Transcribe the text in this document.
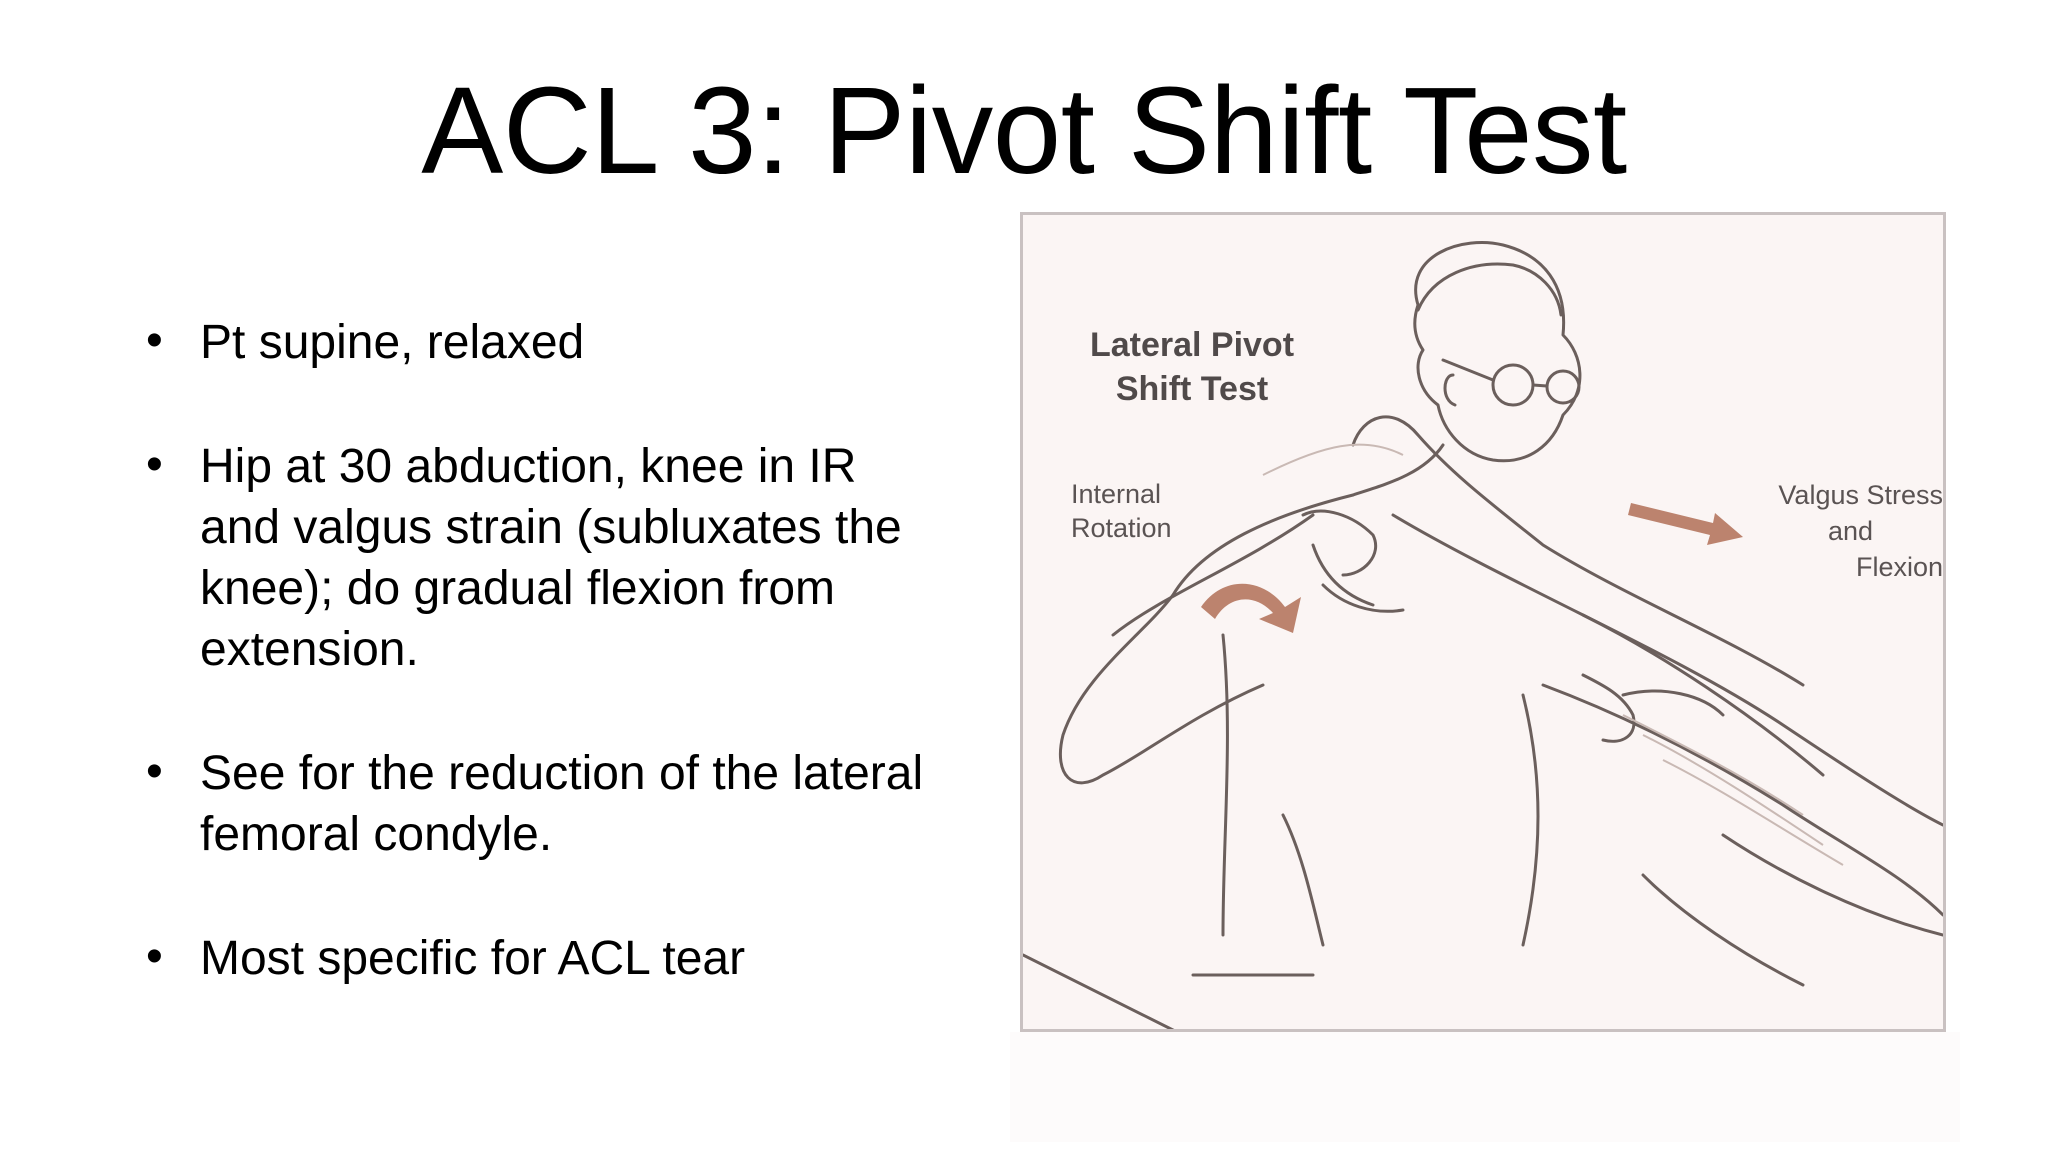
ACL 3: Pivot Shift Test
• Pt supine, relaxed
• Hip at 30 abduction, knee in IR and valgus strain (subluxates the knee); do gradual flexion from extension.
• See for the reduction of the lateral femoral condyle.
• Most specific for ACL tear
Lateral Pivot
Shift Test
Internal
Rotation
Valgus Stress
and
Flexion
